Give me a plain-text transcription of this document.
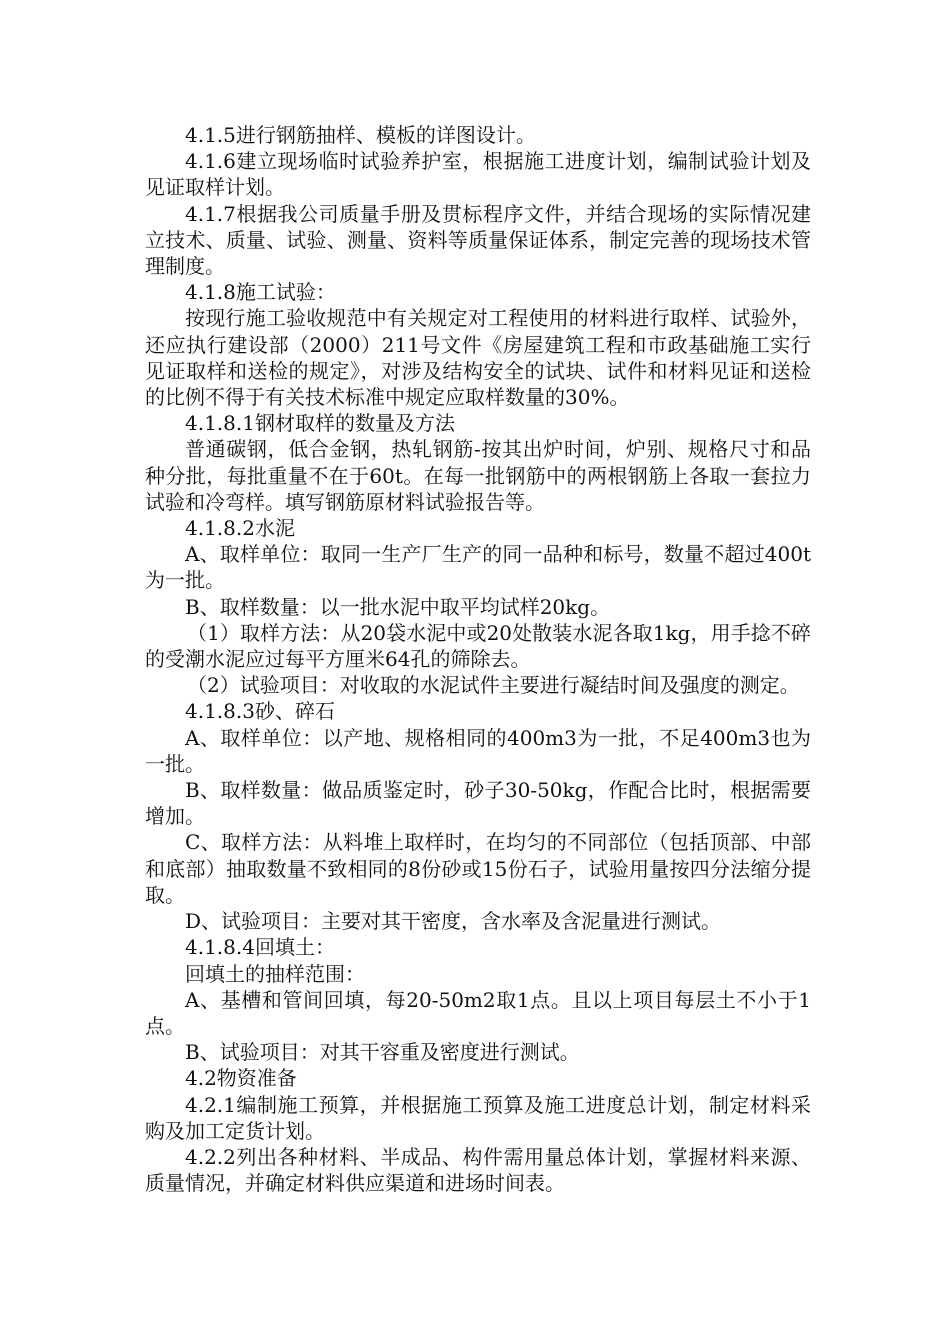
4.1.5进行钢筋抽样、模板的详图设计。

4.1.6建立现场临时试验养护室，根据施工进度计划，编制试验计划及见证取样计划。

4.1.7根据我公司质量手册及贯标程序文件，并结合现场的实际情况建立技术、质量、试验、测量、资料等质量保证体系，制定完善的现场技术管理制度。

4.1.8施工试验：

按现行施工验收规范中有关规定对工程使用的材料进行取样、试验外，还应执行建设部（2000）211号文件《房屋建筑工程和市政基础施工实行见证取样和送检的规定》，对涉及结构安全的试块、试件和材料见证和送检的比例不得于有关技术标准中规定应取样数量的30%。

4.1.8.1钢材取样的数量及方法

普通碳钢，低合金钢，热轧钢筋-按其出炉时间，炉别、规格尺寸和品种分批，每批重量不在于60t。在每一批钢筋中的两根钢筋上各取一套拉力试验和冷弯样。填写钢筋原材料试验报告等。

4.1.8.2水泥

A、取样单位：取同一生产厂生产的同一品种和标号，数量不超过400t为一批。

B、取样数量：以一批水泥中取平均试样20kg。

（1）取样方法：从20袋水泥中或20处散装水泥各取1kg，用手捻不碎的受潮水泥应过每平方厘米64孔的筛除去。

（2）试验项目：对收取的水泥试件主要进行凝结时间及强度的测定。

4.1.8.3砂、碎石

A、取样单位：以产地、规格相同的400m3为一批，不足400m3也为一批。

B、取样数量：做品质鉴定时，砂子30-50kg，作配合比时，根据需要增加。

C、取样方法：从料堆上取样时，在均匀的不同部位（包括顶部、中部和底部）抽取数量不致相同的8份砂或15份石子，试验用量按四分法缩分提取。

D、试验项目：主要对其干密度，含水率及含泥量进行测试。

4.1.8.4回填土：

回填土的抽样范围：

A、基槽和管间回填，每20-50m2取1点。且以上项目每层土不小于1点。

B、试验项目：对其干容重及密度进行测试。

4.2物资准备

4.2.1编制施工预算，并根据施工预算及施工进度总计划，制定材料采购及加工定货计划。

4.2.2列出各种材料、半成品、构件需用量总体计划，掌握材料来源、质量情况，并确定材料供应渠道和进场时间表。
